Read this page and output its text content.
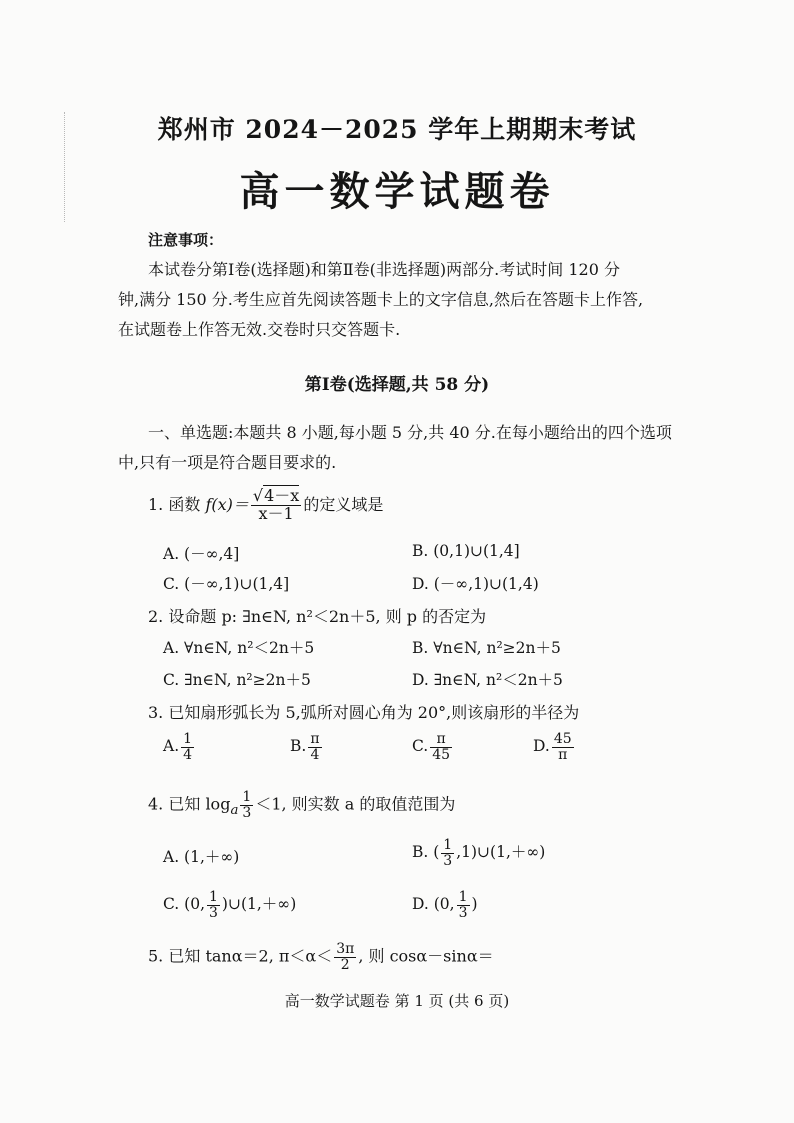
郑州市 2024－2025 学年上期期末考试
高一数学试题卷
注意事项：
本试卷分第Ⅰ卷(选择题)和第Ⅱ卷(非选择题)两部分.考试时间 120 分
钟,满分 150 分.考生应首先阅读答题卡上的文字信息,然后在答题卡上作答,
在试题卷上作答无效.交卷时只交答题卡.
第Ⅰ卷(选择题,共 58 分)
一、单选题:本题共 8 小题,每小题 5 分,共 40 分.在每小题给出的四个选项
中,只有一项是符合题目要求的.
1. 函数 $f(x)= \frac{√4-x}{x-1}$ 的定义域是
A. (－∞,4]	B. (0,1)∪(1,4]
C. (－∞,1)∪(1,4]	D. (－∞,1)∪(1,4)
2. 设命题 p: ∃n∈N, n²＜2n＋5, 则 p 的否定为
A. ∀n∈N, n²＜2n＋5	B. ∀n∈N, n²≥2n＋5
C. ∃n∈N, n²≥2n＋5	D. ∃n∈N, n²＜2n＋5
3. 已知扇形弧长为 5,弧所对圆心角为 20°,则该扇形的半径为
A. $\frac{1}{4}$	B. $\frac{\pi}{4}$	C. $\frac{\pi}{45}$	D. $\frac{45}{\pi}$
4. 已知 $\log_a \frac{1}{3} <1$, 则实数 a 的取值范围为
A. (1,＋∞)	B. ( $\frac{1}{3}$ ,1)∪(1,＋∞)
C. (0, $\frac{1}{3}$ )∪(1,＋∞)	D. (0, $\frac{1}{3}$ )
5. 已知 tanα＝2, $\pi<\alpha< \frac{3\pi}{2}$ , 则 cosα－sinα＝
高一数学试题卷 第 1 页 (共 6 页)
